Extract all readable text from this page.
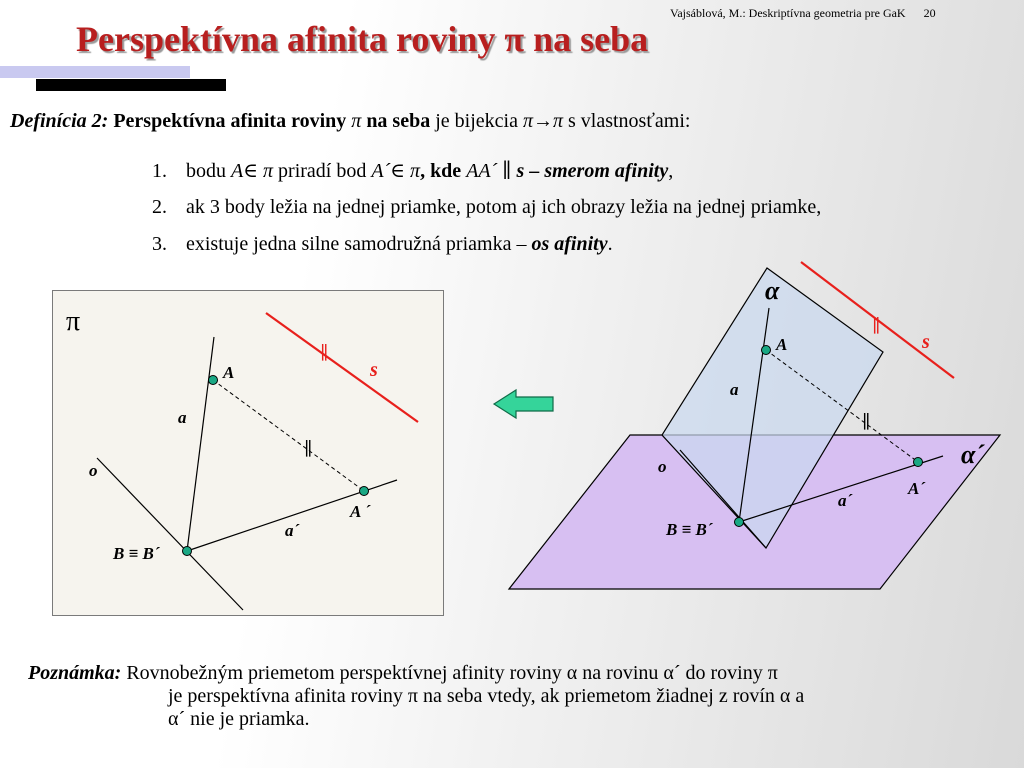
Vajsáblová, M.: Deskriptívna geometria pre GaK 20
Perspektívna afinita roviny π na seba
Definícia 2: Perspektívna afinita roviny π na seba je bijekcia π→π s vlastnosťami:
1. bodu A∈ π priradí bod A´∈ π, kde AA´ ∥ s – smerom afinity,
2. ak 3 body ležia na jednej priamke, potom aj ich obrazy ležia na jednej priamke,
3. existuje jedna silne samodružná priamka – os afinity.
π
∥
s
∥
A
a
o
A ´
a´
B ≡ B´
∥
s
∥
α
α´
A
a
o
A´
a´
B ≡ B´
Poznámka: Rovnobežným priemetom perspektívnej afinity roviny α na rovinu α´ do roviny π
je perspektívna afinita roviny π na seba vtedy, ak priemetom žiadnej z rovín α a
α´ nie je priamka.
